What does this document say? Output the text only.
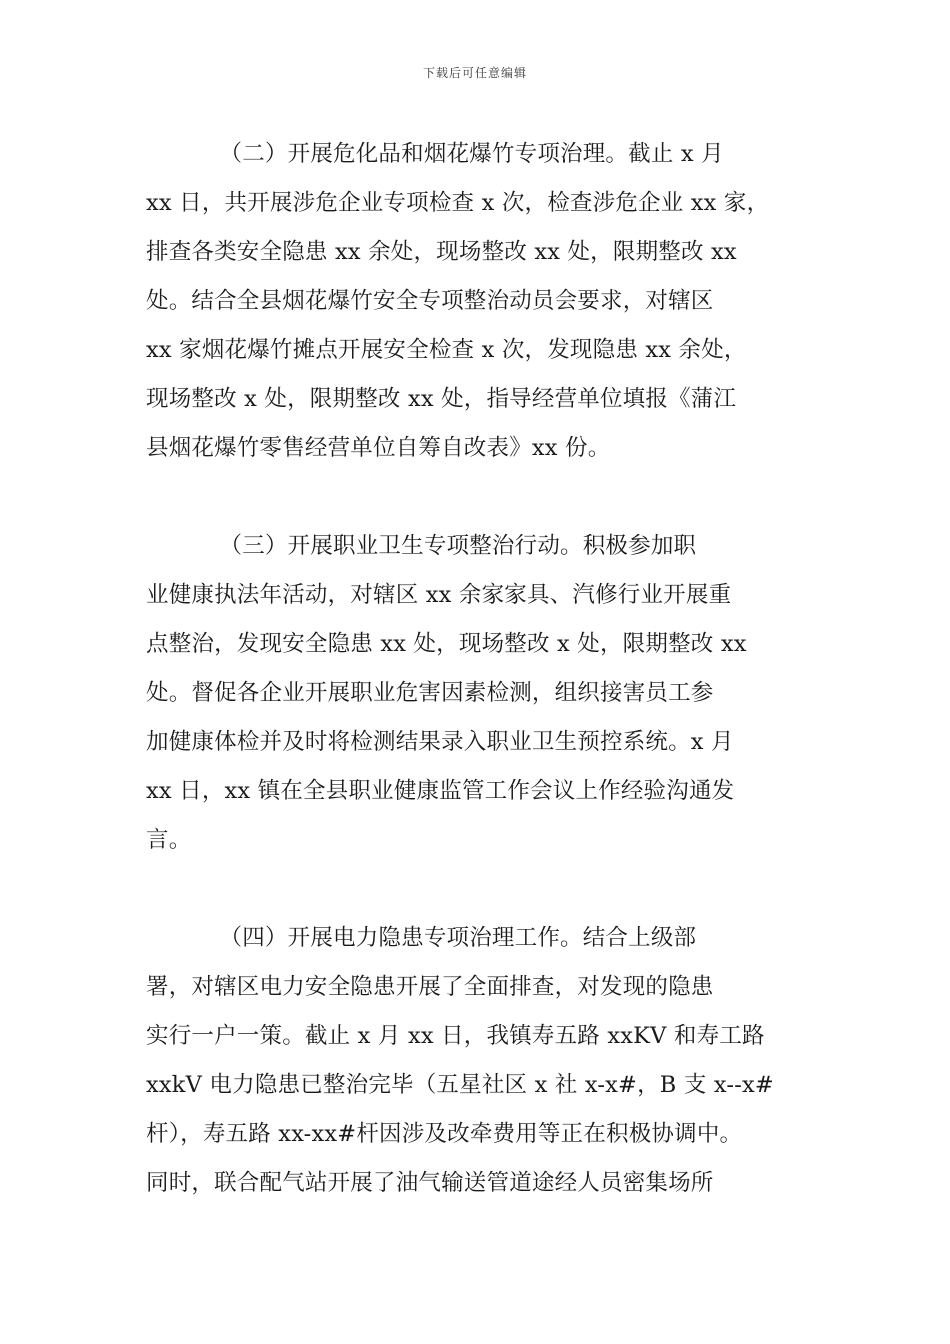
下载后可任意编辑
（二）开展危化品和烟花爆竹专项治理。截止 x 月
xx 日，共开展涉危企业专项检查 x 次，检查涉危企业 xx 家，
排查各类安全隐患 xx 余处，现场整改 xx 处，限期整改 xx
处。结合全县烟花爆竹安全专项整治动员会要求，对辖区
xx 家烟花爆竹摊点开展安全检查 x 次，发现隐患 xx 余处，
现场整改 x 处，限期整改 xx 处，指导经营单位填报《蒲江
县烟花爆竹零售经营单位自筹自改表》xx 份。
（三）开展职业卫生专项整治行动。积极参加职
业健康执法年活动，对辖区 xx 余家家具、汽修行业开展重
点整治，发现安全隐患 xx 处，现场整改 x 处，限期整改 xx
处。督促各企业开展职业危害因素检测，组织接害员工参
加健康体检并及时将检测结果录入职业卫生预控系统。x 月
xx 日，xx 镇在全县职业健康监管工作会议上作经验沟通发
言。
（四）开展电力隐患专项治理工作。结合上级部
署，对辖区电力安全隐患开展了全面排查，对发现的隐患
实行一户一策。截止 x 月 xx 日，我镇寿五路 xxKV 和寿工路
xxkV 电力隐患已整治完毕（五星社区 x 社 x-x#，B 支 x--x#
杆），寿五路 xx-xx#杆因涉及改牵费用等正在积极协调中。
同时，联合配气站开展了油气输送管道途经人员密集场所
